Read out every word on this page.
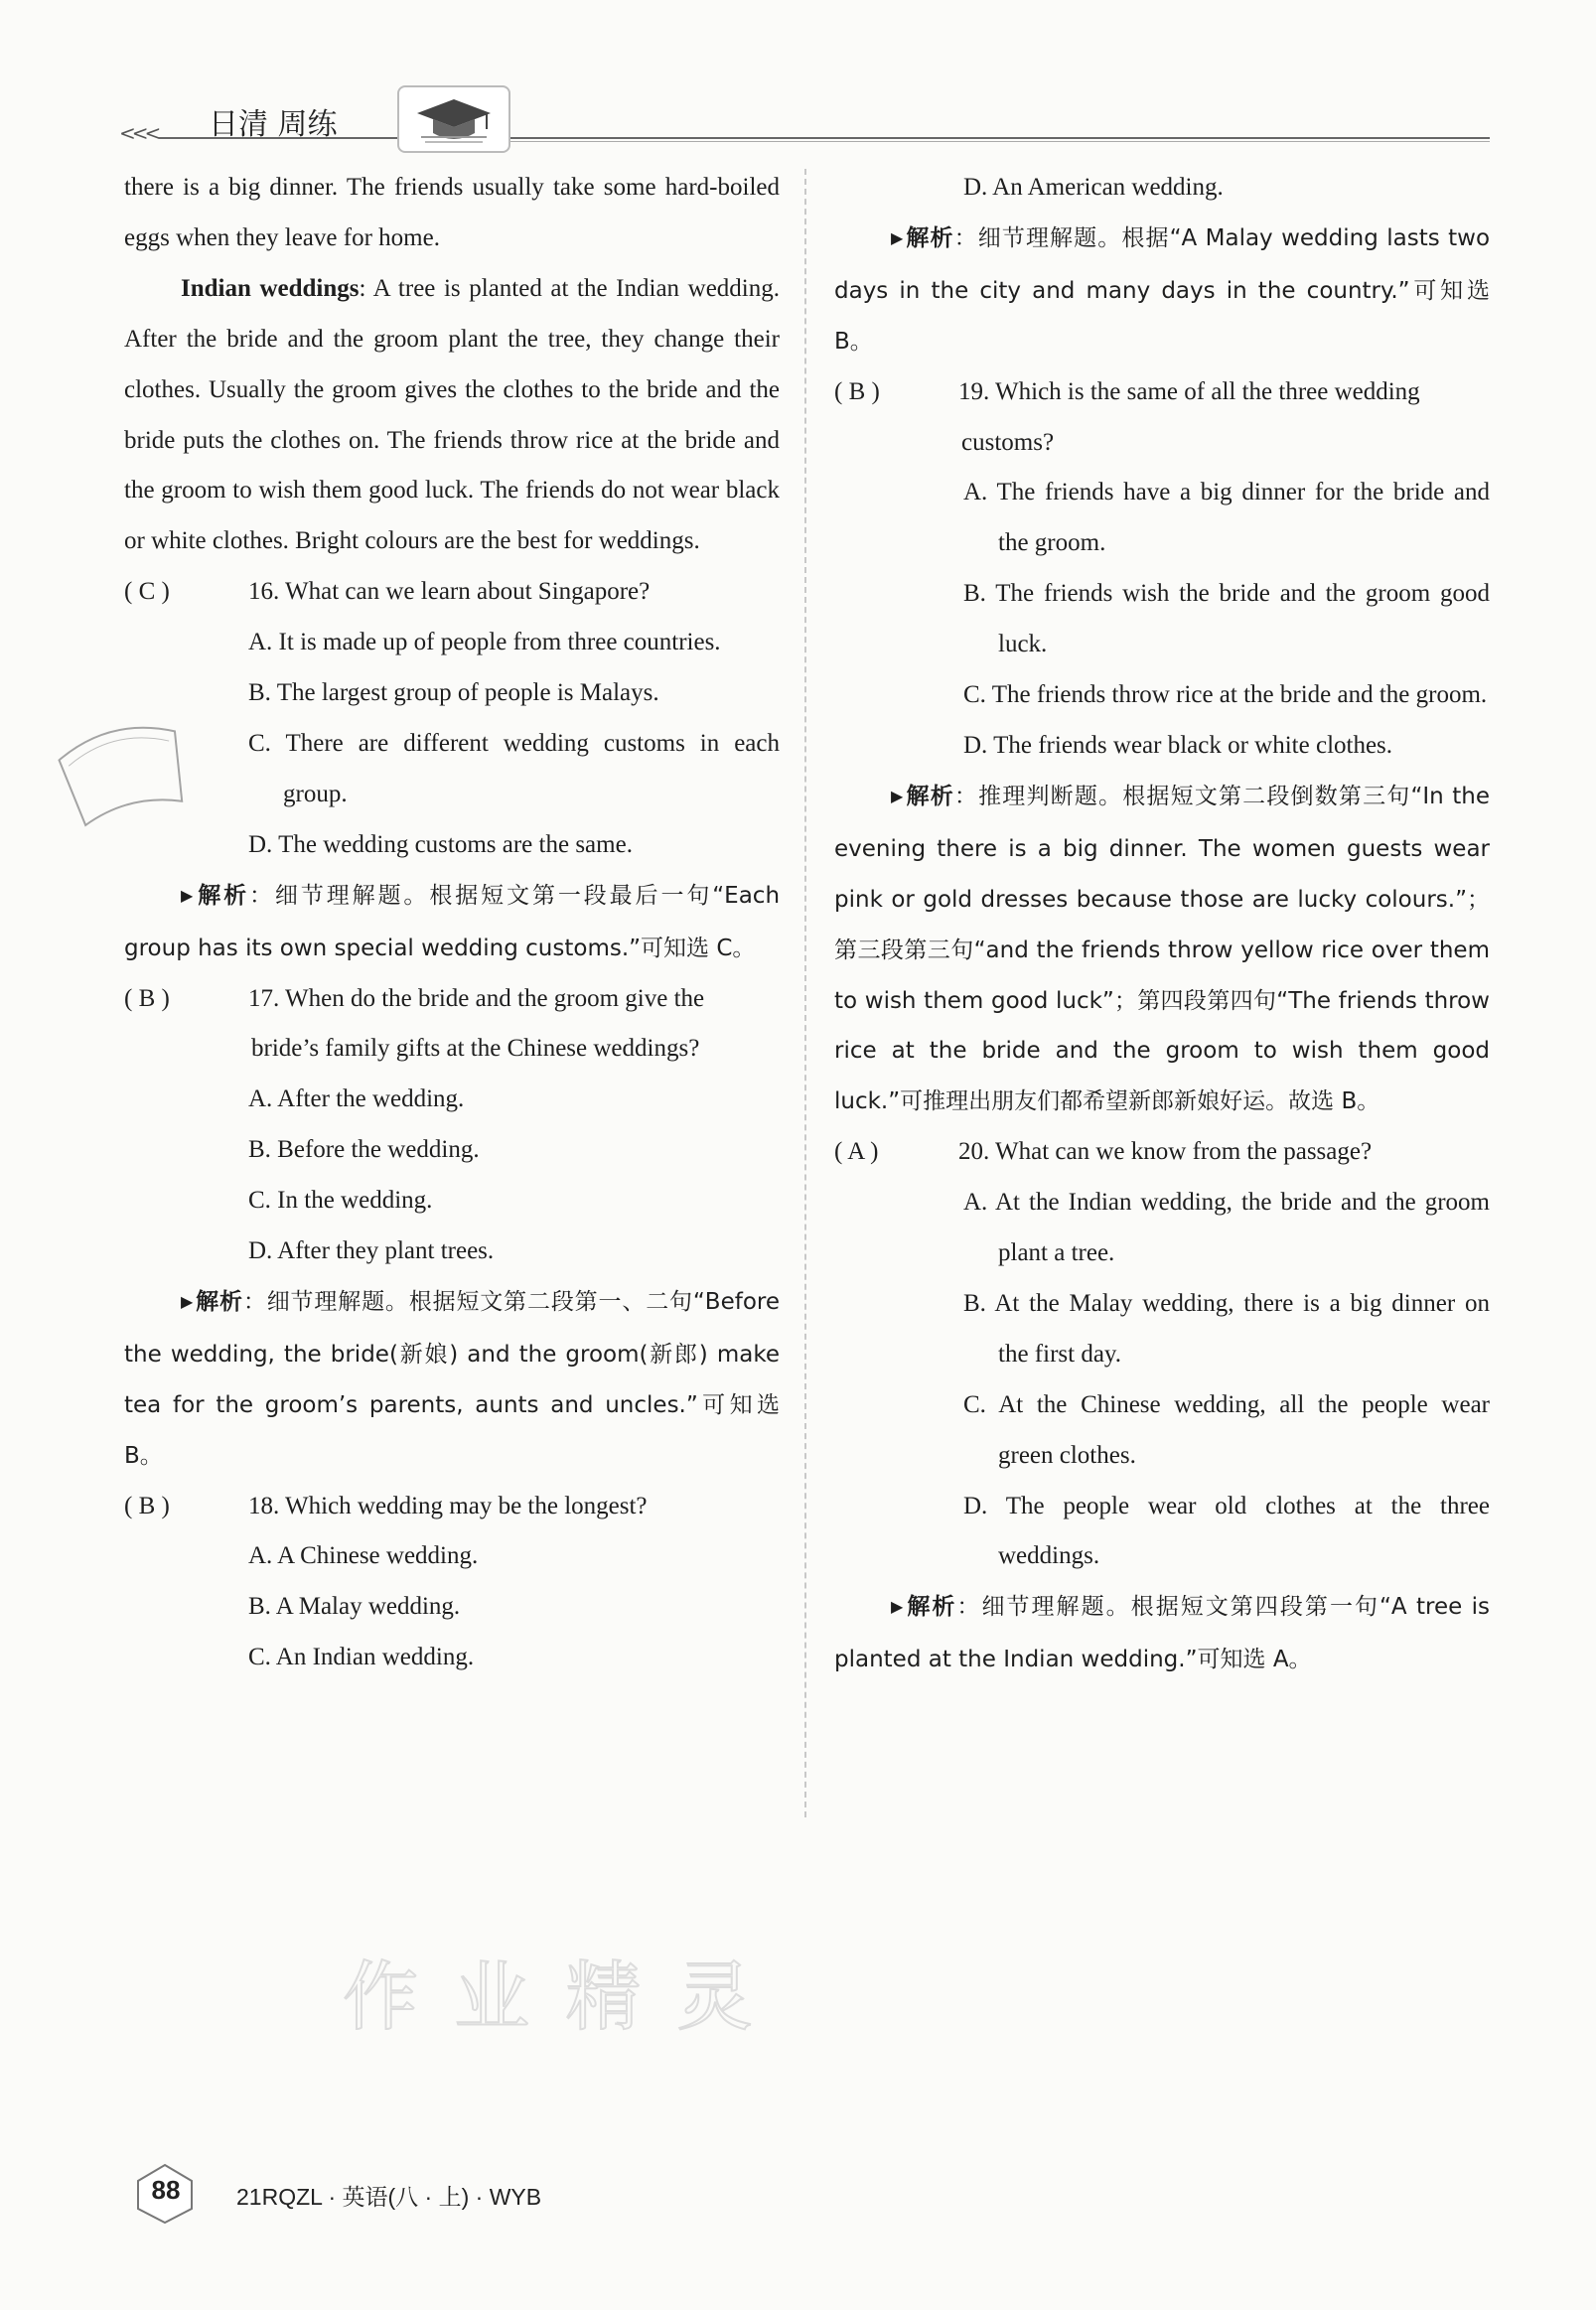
<<< 日清 周练

there is a big dinner. The friends usually take some hard-boiled eggs when they leave for home.

Indian weddings: A tree is planted at the Indian wedding. After the bride and the groom plant the tree, they change their clothes. Usually the groom gives the clothes to the bride and the bride puts the clothes on. The friends throw rice at the bride and the groom to wish them good luck. The friends do not wear black or white clothes. Bright colours are the best for weddings.

( C )	16. What can we learn about Singapore?

A. It is made up of people from three countries.

B. The largest group of people is Malays.

C. There are different wedding customs in each group.

D. The wedding customs are the same.

▶ 解析：细节理解题。根据短文第一段最后一句“Each group has its own special wedding customs.”可知选 C。

( B )	17. When do the bride and the groom give the

bride’s family gifts at the Chinese weddings?

A. After the wedding.

B. Before the wedding.

C. In the wedding.

D. After they plant trees.

▶ 解析：细节理解题。根据短文第二段第一、二句“Before the wedding, the bride(新娘) and the groom(新郎) make tea for the groom’s parents, aunts and uncles.”可知选 B。

( B )	18. Which wedding may be the longest?

A. A Chinese wedding.

B. A Malay wedding.

C. An Indian wedding.

D. An American wedding.

▶ 解析：细节理解题。根据“A Malay wedding lasts two days in the city and many days in the country.”可知选 B。

( B )	19. Which is the same of all the three wedding

customs?

A. The friends have a big dinner for the bride and the groom.

B. The friends wish the bride and the groom good luck.

C. The friends throw rice at the bride and the groom.

D. The friends wear black or white clothes.

▶ 解析：推理判断题。根据短文第二段倒数第三句“In the evening there is a big dinner. The women guests wear pink or gold dresses because those are lucky colours.”；第三段第三句“and the friends throw yellow rice over them to wish them good luck”；第四段第四句“The friends throw rice at the bride and the groom to wish them good luck.”可推理出朋友们都希望新郎新娘好运。故选 B。

( A )	20. What can we know from the passage?

A. At the Indian wedding, the bride and the groom plant a tree.

B. At the Malay wedding, there is a big dinner on the first day.

C. At the Chinese wedding, all the people wear green clothes.

D. The people wear old clothes at the three weddings.

▶ 解析：细节理解题。根据短文第四段第一句“A tree is planted at the Indian wedding.”可知选 A。

作 业 精 灵
88	21RQZL · 英语(八 · 上) · WYB
